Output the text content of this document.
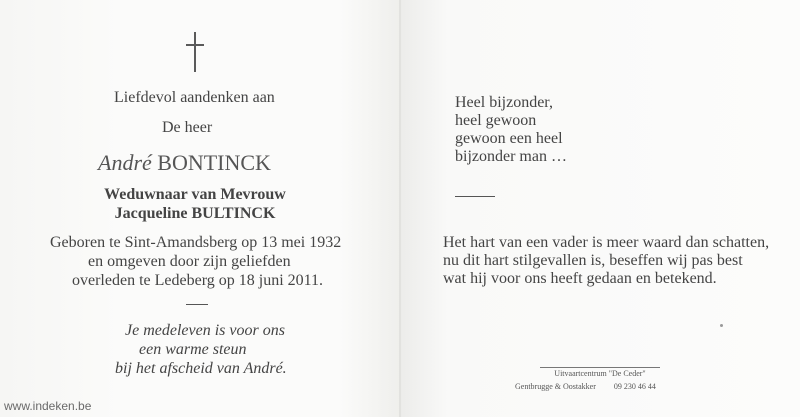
Liefdevol aandenken aan
De heer
André BONTINCK
Weduwnaar van Mevrouw
Jacqueline BULTINCK
Geboren te Sint-Amandsberg op 13 mei 1932
en omgeven door zijn geliefden
overleden te Ledeberg op 18 juni 2011.
Je medeleven is voor ons
een warme steun
bij het afscheid van André.
Heel bijzonder,
heel gewoon
gewoon een heel
bijzonder man …
Het hart van een vader is meer waard dan schatten,
nu dit hart stilgevallen is, beseffen wij pas best
wat hij voor ons heeft gedaan en betekend.
Uitvaartcentrum "De Ceder"
Gentbrugge & Oostakker 09 230 46 44
www.indeken.be
